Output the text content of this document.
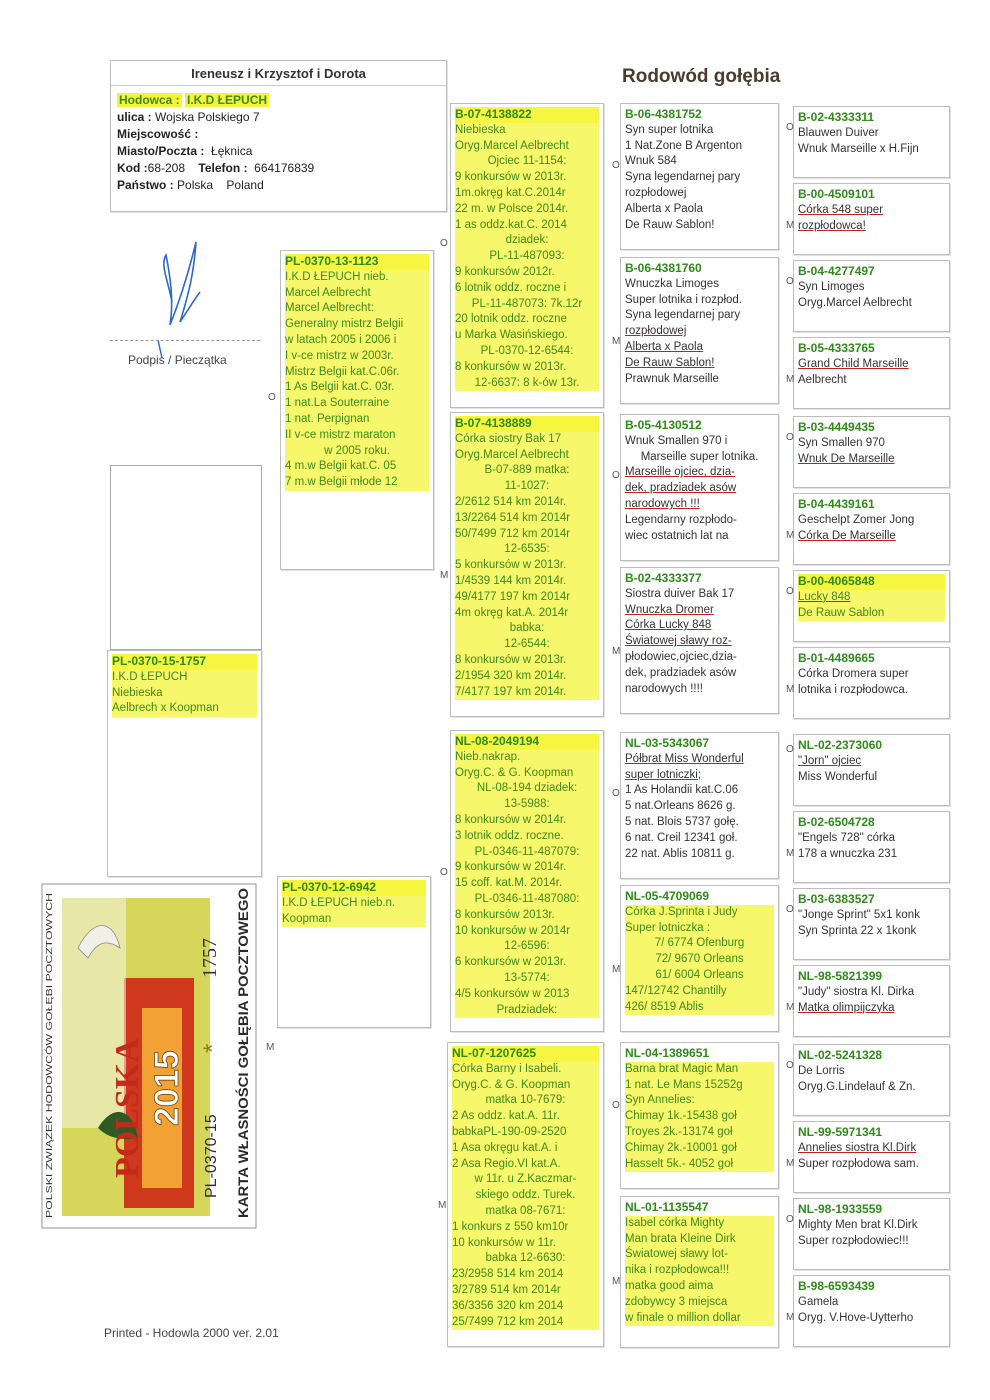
Ireneusz i Krzysztof i Dorota
Hodowca : I.K.D ŁEPUCH
ulica : Wojska Polskiego 7
Miejscowość :
Miasto/Poczta : Łęknica
Kod :68-208 Telefon : 664176839
Państwo : Polska Poland
Rodowód gołębia
Podpis / Pieczątka
PL-0370-15-1757
I.K.D ŁEPUCH
Niebieska
Aelbrech x Koopman
PL-0370-13-1123
I.K.D ŁEPUCH nieb.
Marcel Aelbrecht
Marcel Aelbrecht:
Generalny mistrz Belgii
w latach 2005 i 2006 i
I v-ce mistrz w 2003r.
Mistrz Belgii kat.C.06r.
1 As Belgii kat.C. 03r.
1 nat.La Souterraine
1 nat. Perpignan
II v-ce mistrz maraton
w 2005 roku.
4 m.w Belgii kat.C. 05
7 m.w Belgii młode 12
PL-0370-12-6942
I.K.D ŁEPUCH nieb.n.
Koopman
B-07-4138822
Niebieska
Oryg.Marcel Aelbrecht
Ojciec 11-1154:
9 konkursów w 2013r.
1m.okręg kat.C.2014r
22 m. w Polsce 2014r.
1 as oddz.kat.C. 2014
dziadek:
PL-11-487093:
9 konkursów 2012r.
6 lotnik oddz. roczne i
PL-11-487073: 7k.12r
20 lotnik oddz. roczne
u Marka Wasińskiego.
PL-0370-12-6544:
8 konkursów w 2013r.
12-6637: 8 k-ów 13r.
B-07-4138889
Córka siostry Bak 17
Oryg.Marcel Aelbrecht
B-07-889 matka:
11-1027:
2/2612 514 km 2014r.
13/2264 514 km 2014r
50/7499 712 km 2014r
12-6535:
5 konkursów w 2013r.
1/4539 144 km 2014r.
49/4177 197 km 2014r
4m okręg kat.A. 2014r
babka:
12-6544:
8 konkursów w 2013r.
2/1954 320 km 2014r.
7/4177 197 km 2014r.
NL-08-2049194
Nieb.nakrap.
Oryg.C. & G. Koopman
NL-08-194 dziadek:
13-5988:
8 konkursów w 2014r.
3 lotnik oddz. roczne.
PL-0346-11-487079:
9 konkursów w 2014r.
15 coff. kat.M. 2014r.
PL-0346-11-487080:
8 konkursów 2013r.
10 konkursów w 2014r
12-6596:
6 konkursów w 2013r.
13-5774:
4/5 konkursów w 2013
Pradziadek:
NL-07-1207625
Córka Barny i Isabeli.
Oryg.C. & G. Koopman
matka 10-7679:
2 As oddz. kat.A. 11r.
babkaPL-190-09-2520
1 Asa okręgu kat.A. i
2 Asa Regio.VI kat.A.
w 11r. u Z.Kaczmar-
skiego oddz. Turek.
matka 08-7671:
1 konkurs z 550 km10r
10 konkursów w 11r.
babka 12-6630:
23/2958 514 km 2014
3/2789 514 km 2014r
36/3356 320 km 2014
25/7499 712 km 2014
B-06-4381752
Syn super lotnika
1 Nat.Zone B Argenton
Wnuk 584
Syna legendarnej pary
rozpłodowej
Alberta x Paola
De Rauw Sablon!
B-06-4381760
Wnuczka Limoges
Super lotnika i rozpłod.
Syna legendarnej pary
rozpłodowej
Alberta x Paola
De Rauw Sablon!
Prawnuk Marseille
B-05-4130512
Wnuk Smallen 970 i
Marseille super lotnika.
Marseille ojciec, dzia-
dek, pradziadek asów
narodowych !!!
Legendarny rozpłodo-
wiec ostatnich lat na
B-02-4333377
Siostra duiver Bak 17
Wnuczka Dromer
Córka Lucky 848
Światowej sławy roz-
płodowiec,ojciec,dzia-
dek, pradziadek asów
narodowych !!!!
NL-03-5343067
Półbrat Miss Wonderful
super lotniczki;
1 As Holandii kat.C.06
5 nat.Orleans 8626 g.
5 nat. Blois 5737 gołę.
6 nat. Creil 12341 goł.
22 nat. Ablis 10811 g.
NL-05-4709069
Córka J.Sprinta i Judy
Super lotniczka :
7/ 6774 Ofenburg
72/ 9670 Orleans
61/ 6004 Orleans
147/12742 Chantilly
426/ 8519 Ablis
NL-04-1389651
Barna brat Magic Man
1 nat. Le Mans 15252g
Syn Annelies:
Chimay 1k.-15438 goł
Troyes 2k.-13174 goł
Chimay 2k.-10001 goł
Hasselt 5k.- 4052 goł
NL-01-1135547
Isabel córka Mighty
Man brata Kleine Dirk
Światowej sławy lot-
nika i rozpłodowca!!!
matka good aima
zdobywcy 3 miejsca
w finale o million dollar
B-02-4333311
Blauwen Duiver
Wnuk Marseille x H.Fijn
B-00-4509101
Córka 548 super
rozpłodowca!
B-04-4277497
Syn Limoges
Oryg.Marcel Aelbrecht
B-05-4333765
Grand Child Marseille
Aelbrecht
B-03-4449435
Syn Smallen 970
Wnuk De Marseille
B-04-4439161
Geschelpt Zomer Jong
Córka De Marseille
B-00-4065848
Lucky 848
De Rauw Sablon
B-01-4489665
Córka Dromera super
lotnika i rozpłodowca.
NL-02-2373060
"Jorn" ojciec
Miss Wonderful
B-02-6504728
"Engels 728" córka
178 a wnuczka 231
B-03-6383527
"Jonge Sprint" 5x1 konk
Syn Sprinta 22 x 1konk
NL-98-5821399
"Judy" siostra Kl. Dirka
Matka olimpijczyka
NL-02-5241328
De Lorris
Oryg.G.Lindelauf & Zn.
NL-99-5971341
Annelies siostra Kl.Dirk
Super rozpłodowa sam.
NL-98-1933559
Mighty Men brat Kl.Dirk
Super rozpłodowiec!!!
B-98-6593439
Gamela
Oryg. V.Hove-Uytterho
O
M
O
M
O
M
O
M
O
M
O
M
O
M
O
M
O
M
O
M
O
M
O
M
O
M
O
M
O
M
POLSKA 2015
PL-0370-15
1757
* KARTA WŁASNOŚCI GOŁĘBIA POCZTOWEGO
POLSKI ZWIĄZEK HODOWCÓW GOŁĘBI POCZTOWYCH
Printed - Hodowla 2000 ver. 2.01
